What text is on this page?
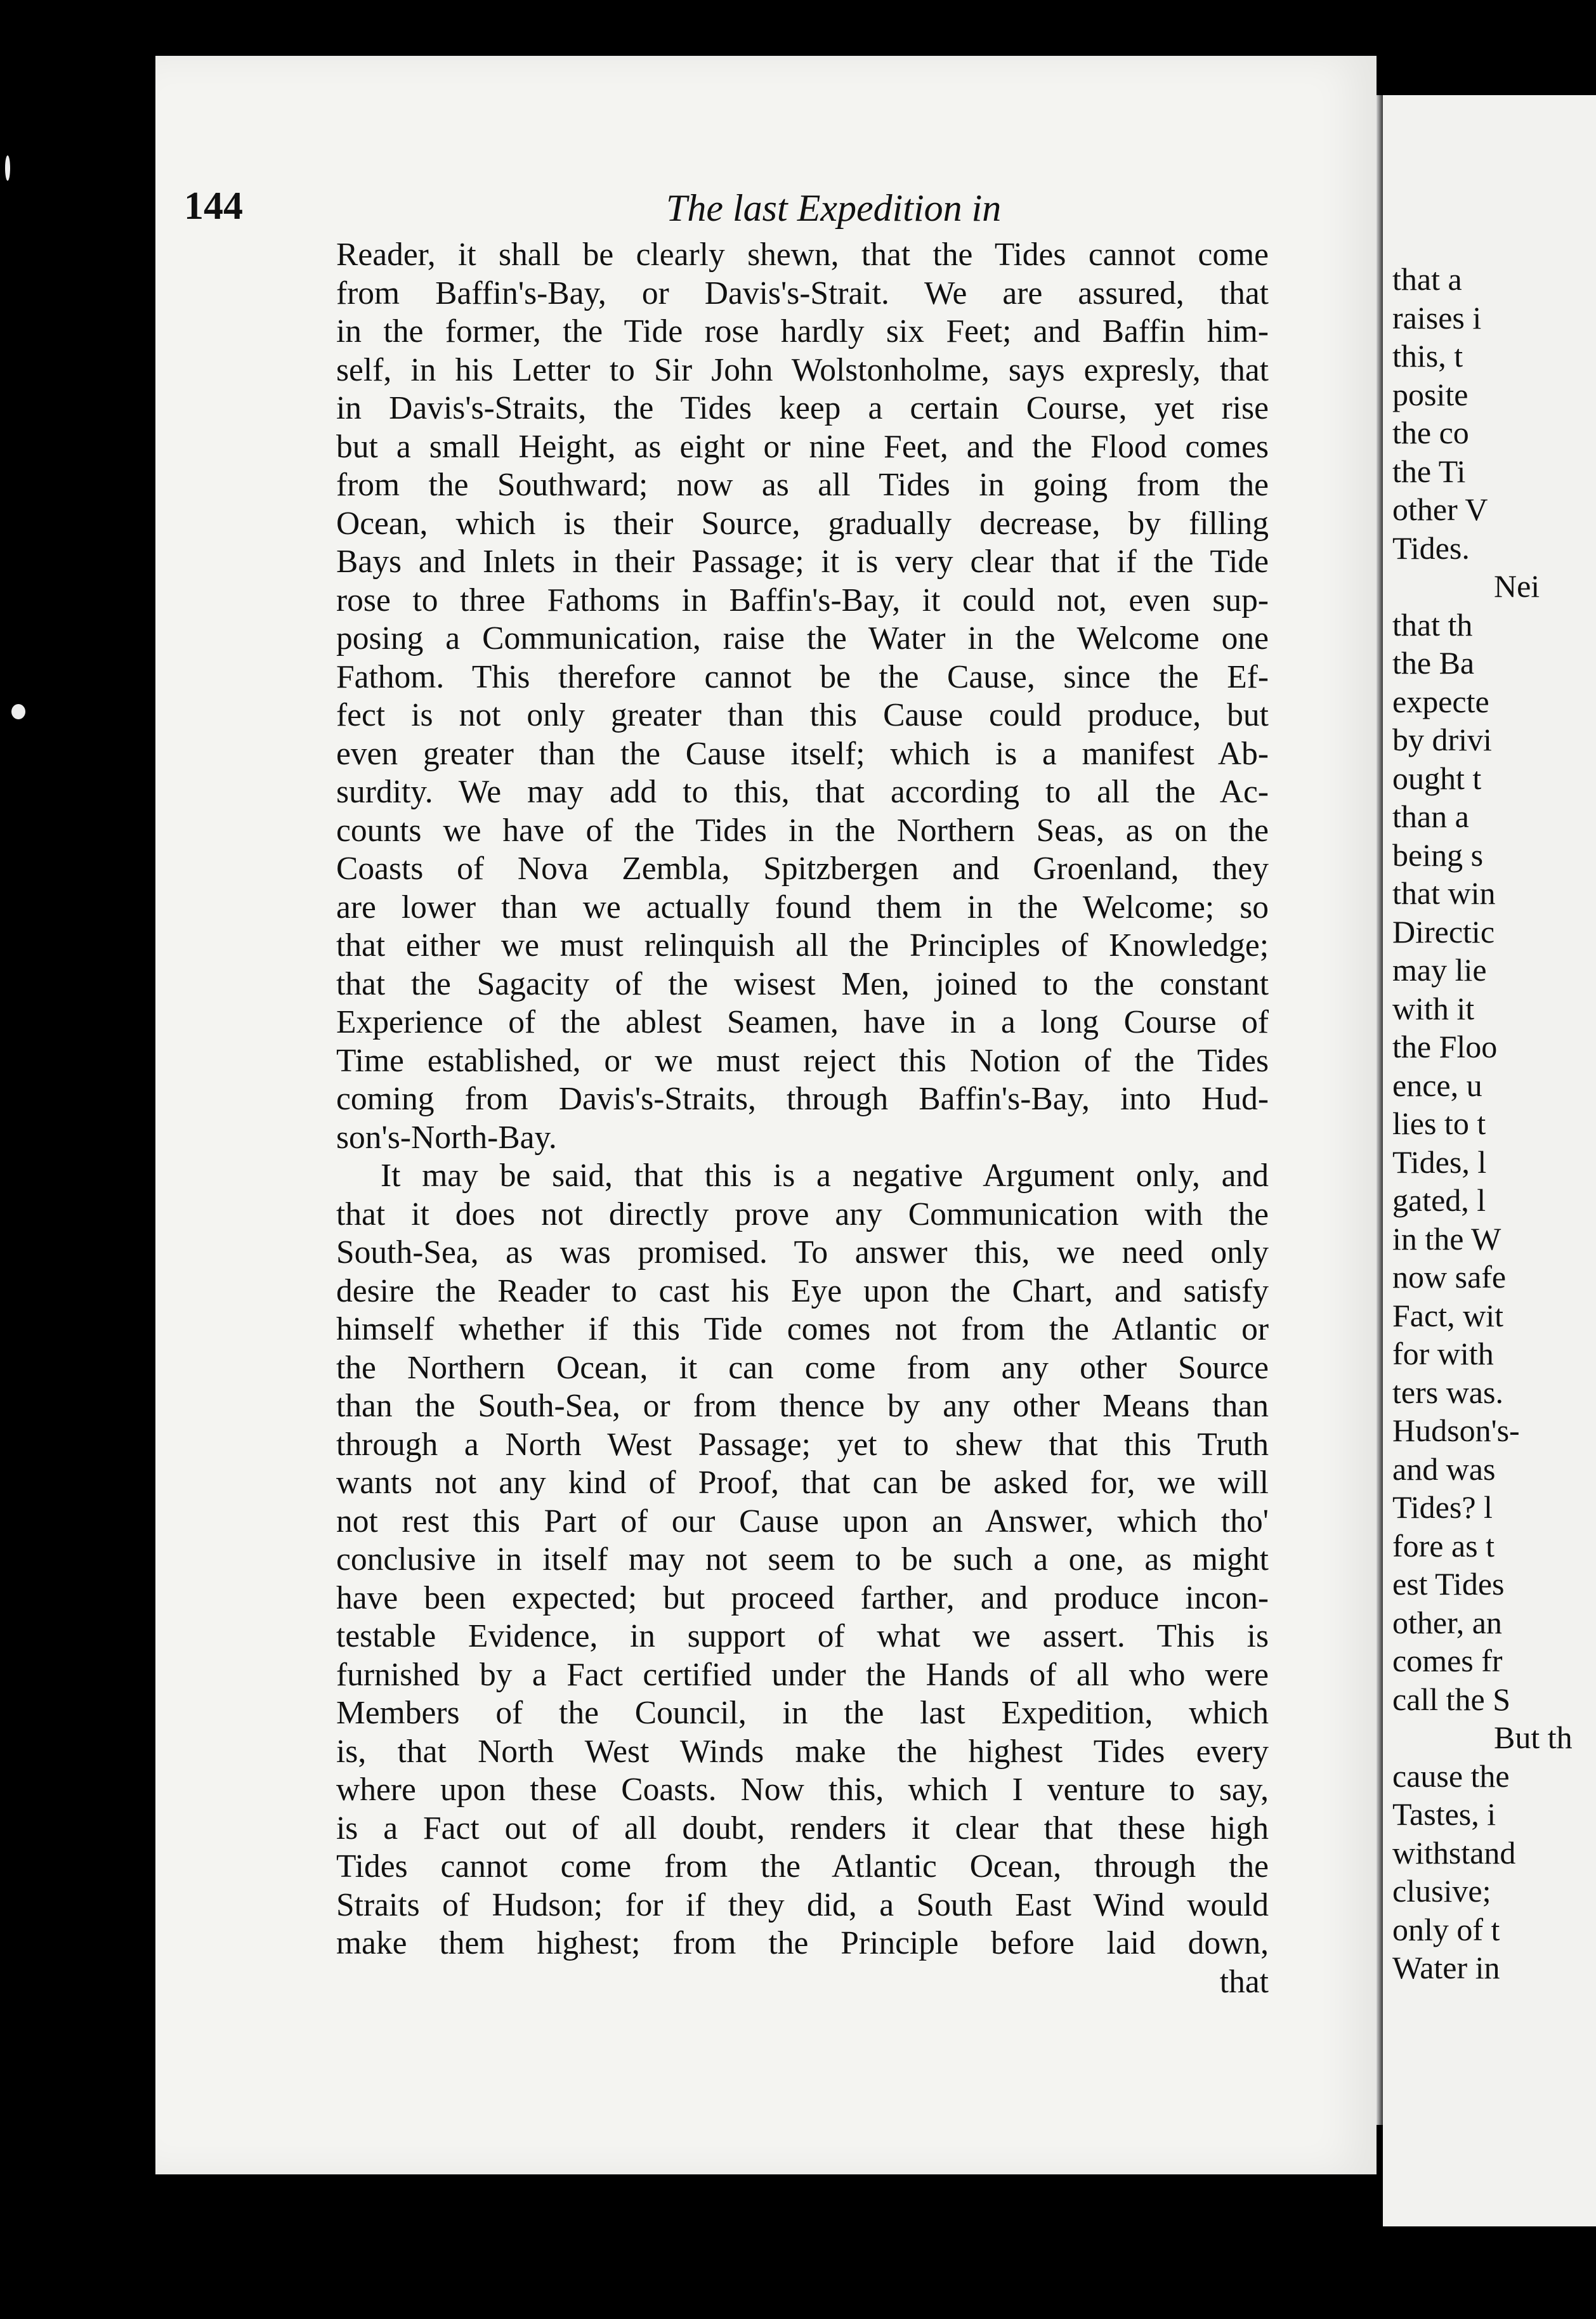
144	The last Expedition in
Reader, it shall be clearly shewn, that the Tides cannot come
from Baffin's-Bay, or Davis's-Strait. We are assured, that
in the former, the Tide rose hardly six Feet; and Baffin him-
self, in his Letter to Sir John Wolstonholme, says expresly, that
in Davis's-Straits, the Tides keep a certain Course, yet rise
but a small Height, as eight or nine Feet, and the Flood comes
from the Southward; now as all Tides in going from the
Ocean, which is their Source, gradually decrease, by filling
Bays and Inlets in their Passage; it is very clear that if the Tide
rose to three Fathoms in Baffin's-Bay, it could not, even sup-
posing a Communication, raise the Water in the Welcome one
Fathom. This therefore cannot be the Cause, since the Ef-
fect is not only greater than this Cause could produce, but
even greater than the Cause itself; which is a manifest Ab-
surdity. We may add to this, that according to all the Ac-
counts we have of the Tides in the Northern Seas, as on the
Coasts of Nova Zembla, Spitzbergen and Groenland, they
are lower than we actually found them in the Welcome; so
that either we must relinquish all the Principles of Knowledge;
that the Sagacity of the wisest Men, joined to the constant
Experience of the ablest Seamen, have in a long Course of
Time established, or we must reject this Notion of the Tides
coming from Davis's-Straits, through Baffin's-Bay, into Hud-
son's-North-Bay.
It may be said, that this is a negative Argument only, and
that it does not directly prove any Communication with the
South-Sea, as was promised. To answer this, we need only
desire the Reader to cast his Eye upon the Chart, and satisfy
himself whether if this Tide comes not from the Atlantic or
the Northern Ocean, it can come from any other Source
than the South-Sea, or from thence by any other Means than
through a North West Passage; yet to shew that this Truth
wants not any kind of Proof, that can be asked for, we will
not rest this Part of our Cause upon an Answer, which tho'
conclusive in itself may not seem to be such a one, as might
have been expected; but proceed farther, and produce incon-
testable Evidence, in support of what we assert. This is
furnished by a Fact certified under the Hands of all who were
Members of the Council, in the last Expedition, which
is, that North West Winds make the highest Tides every
where upon these Coasts. Now this, which I venture to say,
is a Fact out of all doubt, renders it clear that these high
Tides cannot come from the Atlantic Ocean, through the
Straits of Hudson; for if they did, a South East Wind would
make them highest; from the Principle before laid down,
that
that a
raises i
this, t
posite
the co
the Ti
other V
Tides.
Nei
that th
the Ba
expecte
by drivi
ought t
than a
being s
that win
Directic
may lie
with it
the Floo
ence, u
lies to t
Tides, l
gated, l
in the W
now safe
Fact, wit
for with
ters was.
Hudson's-
and was
Tides? l
fore as t
est Tides
other, an
comes fr
call the S
But th
cause the
Tastes, i
withstand
clusive;
only of t
Water in
